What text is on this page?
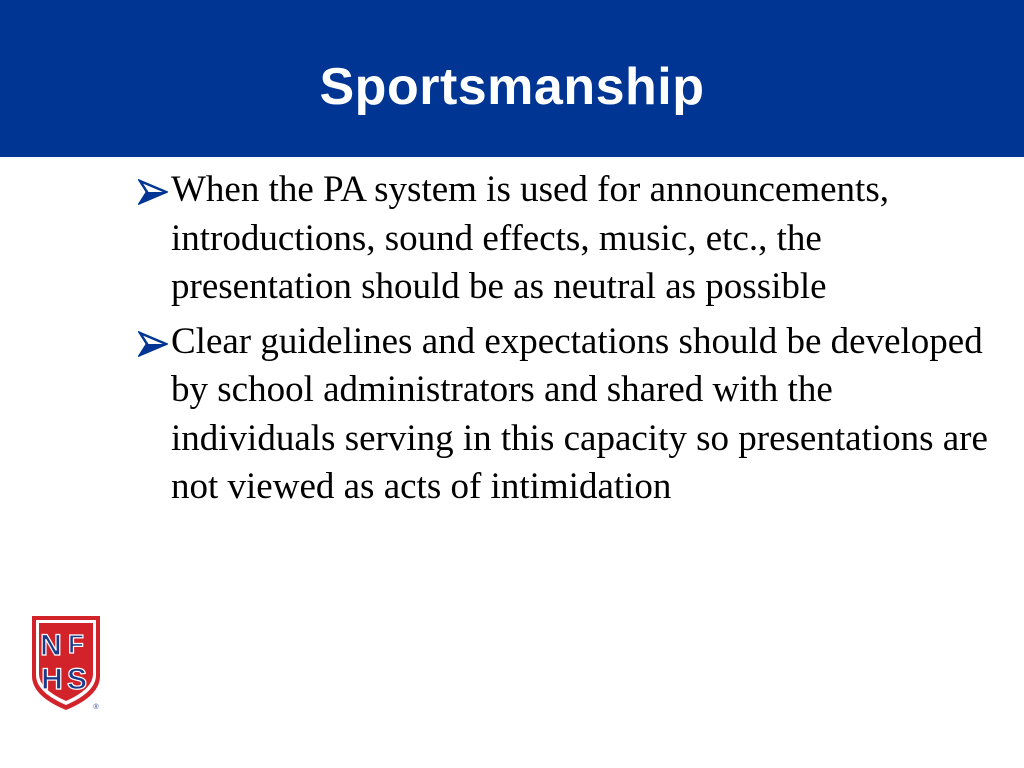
Sportsmanship
When the PA system is used for announcements, introductions, sound effects, music, etc., the presentation should be as neutral as possible
Clear guidelines and expectations should be developed by school administrators and shared with the individuals serving in this capacity so presentations are not viewed as acts of intimidation
N F
H S
®
